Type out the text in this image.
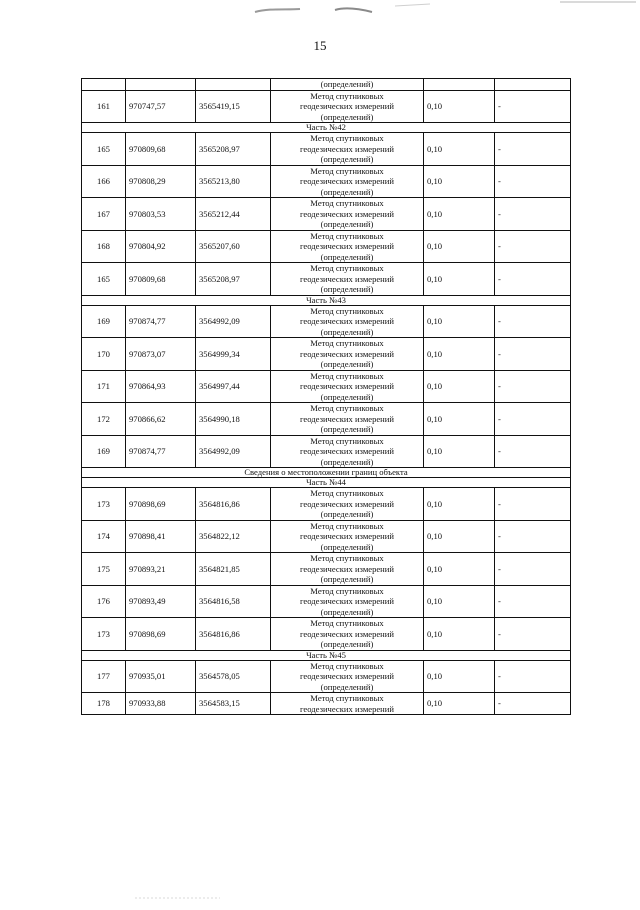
15

			(определений)		

161	970747,57	3565419,15	Метод спутниковых
геодезических измерений
(определений)	0,10	-
Часть №42					
165	970809,68	3565208,97	Метод спутниковых
геодезических измерений
(определений)	0,10	-
166	970808,29	3565213,80	Метод спутниковых
геодезических измерений
(определений)	0,10	-
167	970803,53	3565212,44	Метод спутниковых
геодезических измерений
(определений)	0,10	-
168	970804,92	3565207,60	Метод спутниковых
геодезических измерений
(определений)	0,10	-
165	970809,68	3565208,97	Метод спутниковых
геодезических измерений
(определений)	0,10	-
Часть №43					
169	970874,77	3564992,09	Метод спутниковых
геодезических измерений
(определений)	0,10	-
170	970873,07	3564999,34	Метод спутниковых
геодезических измерений
(определений)	0,10	-
171	970864,93	3564997,44	Метод спутниковых
геодезических измерений
(определений)	0,10	-
172	970866,62	3564990,18	Метод спутниковых
геодезических измерений
(определений)	0,10	-
169	970874,77	3564992,09	Метод спутниковых
геодезических измерений
(определений)	0,10	-
Сведения о местоположении границ объекта					
Часть №44					
173	970898,69	3564816,86	Метод спутниковых
геодезических измерений
(определений)	0,10	-
174	970898,41	3564822,12	Метод спутниковых
геодезических измерений
(определений)	0,10	-
175	970893,21	3564821,85	Метод спутниковых
геодезических измерений
(определений)	0,10	-
176	970893,49	3564816,58	Метод спутниковых
геодезических измерений
(определений)	0,10	-
173	970898,69	3564816,86	Метод спутниковых
геодезических измерений
(определений)	0,10	-
Часть №45					
177	970935,01	3564578,05	Метод спутниковых
геодезических измерений
(определений)	0,10	-
178	970933,88	3564583,15	Метод спутниковых
геодезических измерений	0,10	-
